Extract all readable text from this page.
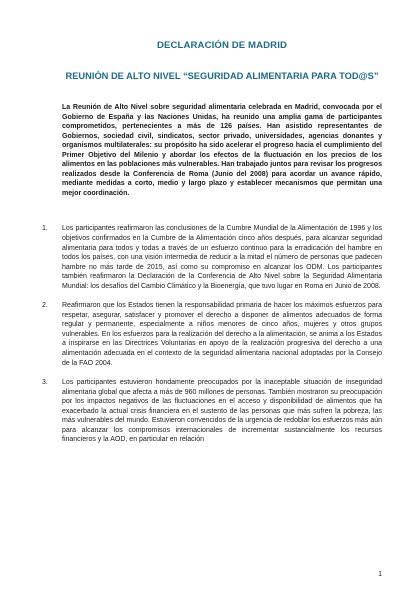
DECLARACIÓN DE MADRID
REUNIÓN DE ALTO NIVEL “SEGURIDAD ALIMENTARIA PARA TOD@S”

La Reunión de Alto Nivel sobre seguridad alimentaria celebrada en Madrid, convocada por el Gobierno de España y las Naciones Unidas, ha reunido una amplia gama de participantes comprometidos, pertenecientes a más de 126 países. Han asistido representantes de Gobiernos, sociedad civil, sindicatos, sector privado, universidades, agencias donantes y organismos multilaterales: su propósito ha sido acelerar el progreso hacia el cumplimiento del Primer Objetivo del Milenio y abordar los efectos de la fluctuación en los precios de los alimentos en las poblaciones más vulnerables. Han trabajado juntos para revisar los progresos realizados desde la Conferencia de Roma (Junio del 2008) para acordar un avance rápido, mediante medidas a corto, medio y largo plazo y establecer mecanismos que permitan una mejor coordinación.

1. Los participantes reafirmaron las conclusiones de la Cumbre Mundial de la Alimentación de 1996 y los objetivos confirmados en la Cumbre de la Alimentación cinco años después, para alcanzar seguridad alimentaria para todos y todas a través de un esfuerzo continuo para la erradicación del hambre en todos los países, con una visión intermedia de reducir a la mitad el número de personas que padecen hambre no más tarde de 2015, así como su compromiso en alcanzar los ODM. Los participantes también reafirmaron la Declaración de la Conferencia de Alto Nivel sobre la Seguridad Alimentaria Mundial: los desafíos del Cambio Climático y la Bioenergía, que tuvo lugar en Roma en Junio de 2008.
2. Reafirmaron que los Estados tienen la responsabilidad primaria de hacer los máximos esfuerzos para respetar, asegurar, satisfacer y promover el derecho a disponer de alimentos adecuados de forma regular y permanente, especialmente a niños menores de cinco años, mujeres y otros grupos vulnerables. En los esfuerzos para la realización del derecho a la alimentación, se anima a los Estados a inspirarse en las Directrices Voluntarias en apoyo de la realización progresiva del derecho a una alimentación adecuada en el contexto de la seguridad alimentaria nacional adoptadas por la Consejo de la FAO 2004.
3. Los participantes estuvieron hondamente preocupados por la inaceptable situación de inseguridad alimentaria global que afecta a más de 960 millones de personas. También mostraron su preocupación por los impactos negativos de las fluctuaciones en el acceso y disponibilidad de alimentos que ha exacerbado la actual crisis financiera en el sustento de las personas que más sufren la pobreza, las más vulnerables del mundo. Estuvieron convencidos de la urgencia de redoblar los esfuerzos más aún para alcanzar los compromisos internacionales de incrementar sustancialmente los recursos financieros y la AOD, en particular en relación
1
